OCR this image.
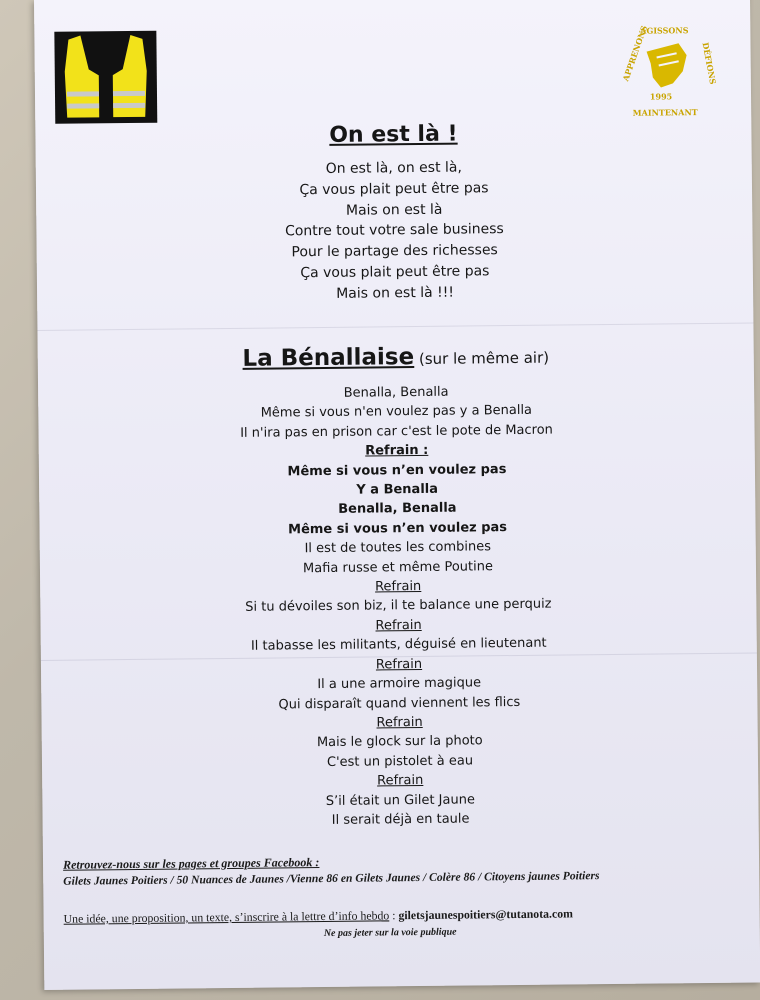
AGISSONS
APPRENONS	DÉFIONS
1995
MAINTENANT
On est là !
On est là, on est là,
Ça vous plait peut être pas
Mais on est là
Contre tout votre sale business
Pour le partage des richesses
Ça vous plait peut être pas
Mais on est là !!!
La Bénallaise (sur le même air)
Benalla, Benalla
Même si vous n'en voulez pas y a Benalla
Il n'ira pas en prison car c'est le pote de Macron
Refrain :
Même si vous n’en voulez pas
Y a Benalla
Benalla, Benalla
Même si vous n’en voulez pas
Il est de toutes les combines
Mafia russe et même Poutine
Refrain
Si tu dévoiles son biz, il te balance une perquiz
Refrain
Il tabasse les militants, déguisé en lieutenant
Refrain
Il a une armoire magique
Qui disparaît quand viennent les flics
Refrain
Mais le glock sur la photo
C'est un pistolet à eau
Refrain
S’il était un Gilet Jaune
Il serait déjà en taule
Retrouvez-nous sur les pages et groupes Facebook :
Gilets Jaunes Poitiers / 50 Nuances de Jaunes /Vienne 86 en Gilets Jaunes / Colère 86 / Citoyens jaunes Poitiers
Une idée, une proposition, un texte, s’inscrire à la lettre d’info hebdo : giletsjaunespoitiers@tutanota.com
Ne pas jeter sur la voie publique
